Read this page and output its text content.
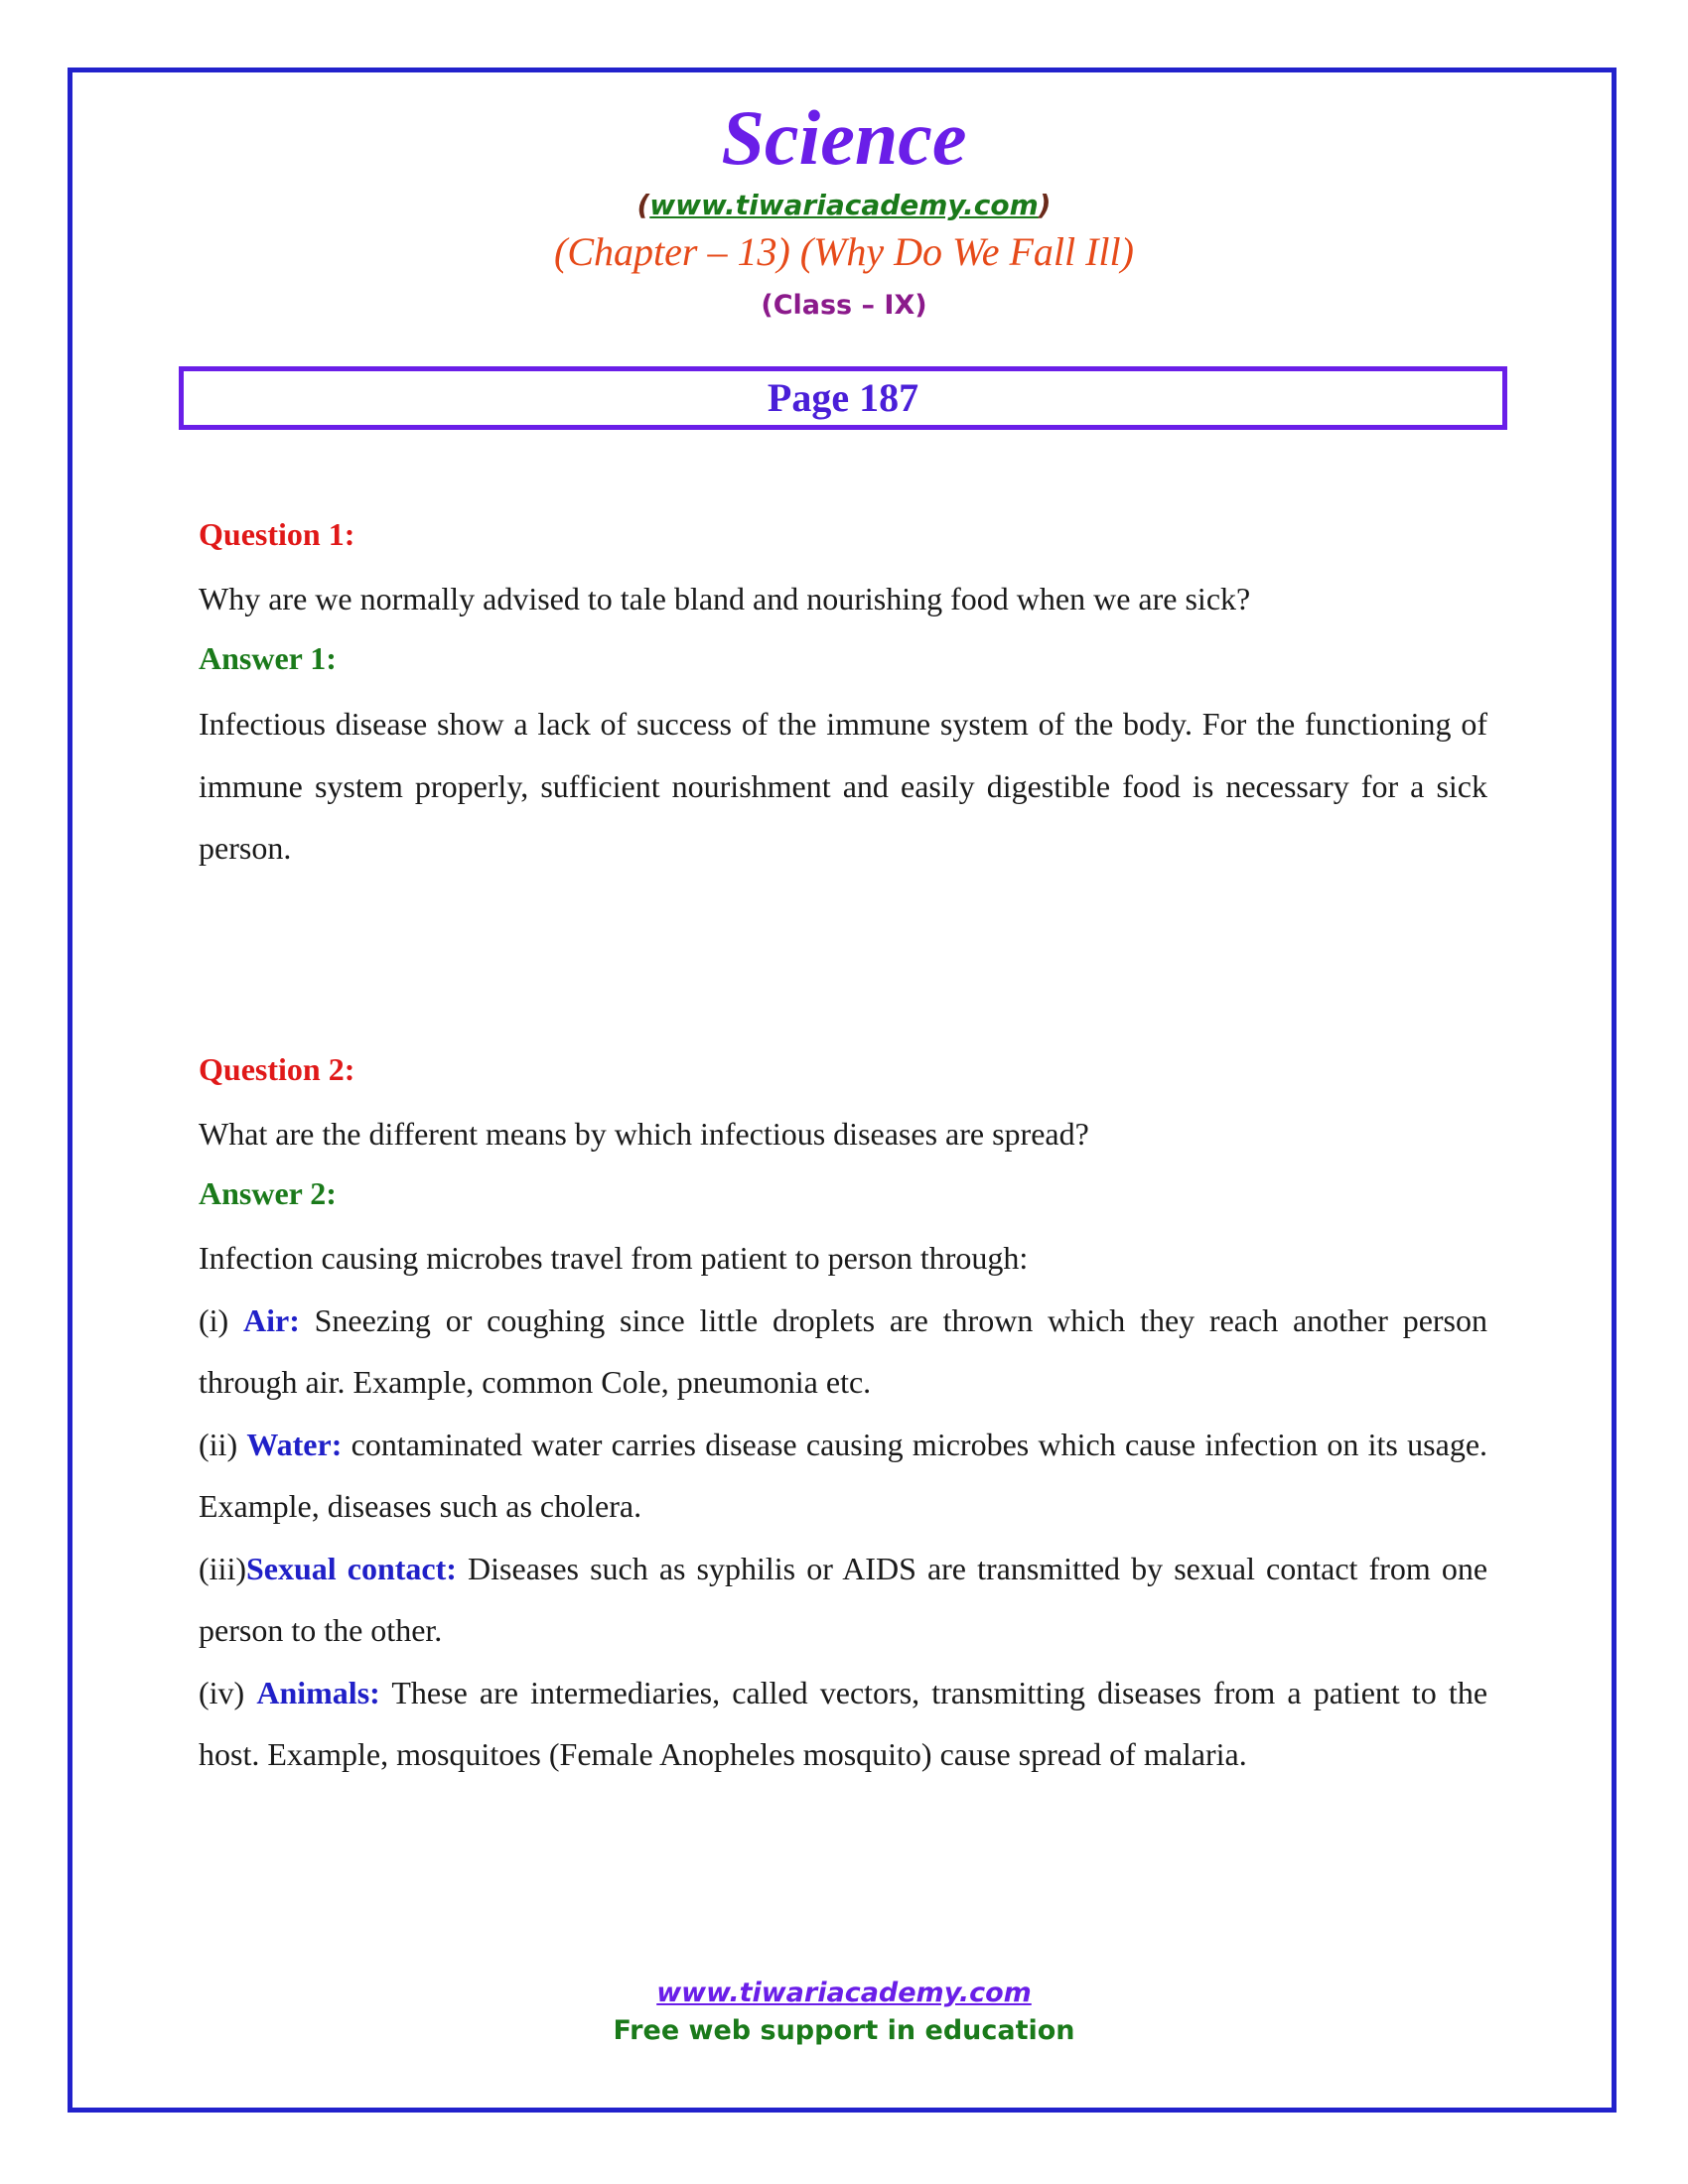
Science
(www.tiwariacademy.com)
(Chapter – 13) (Why Do We Fall Ill)
(Class – IX)
Page 187
Question 1:
Why are we normally advised to tale bland and nourishing food when we are sick?
Answer 1:
Infectious disease show a lack of success of the immune system of the body. For the functioning of immune system properly, sufficient nourishment and easily digestible food is necessary for a sick person.
Question 2:
What are the different means by which infectious diseases are spread?
Answer 2:
Infection causing microbes travel from patient to person through:
(i) Air: Sneezing or coughing since little droplets are thrown which they reach another person through air. Example, common Cole, pneumonia etc.
(ii) Water: contaminated water carries disease causing microbes which cause infection on its usage. Example, diseases such as cholera.
(iii)Sexual contact: Diseases such as syphilis or AIDS are transmitted by sexual contact from one person to the other.
(iv) Animals: These are intermediaries, called vectors, transmitting diseases from a patient to the host. Example, mosquitoes (Female Anopheles mosquito) cause spread of malaria.
www.tiwariacademy.com
Free web support in education
